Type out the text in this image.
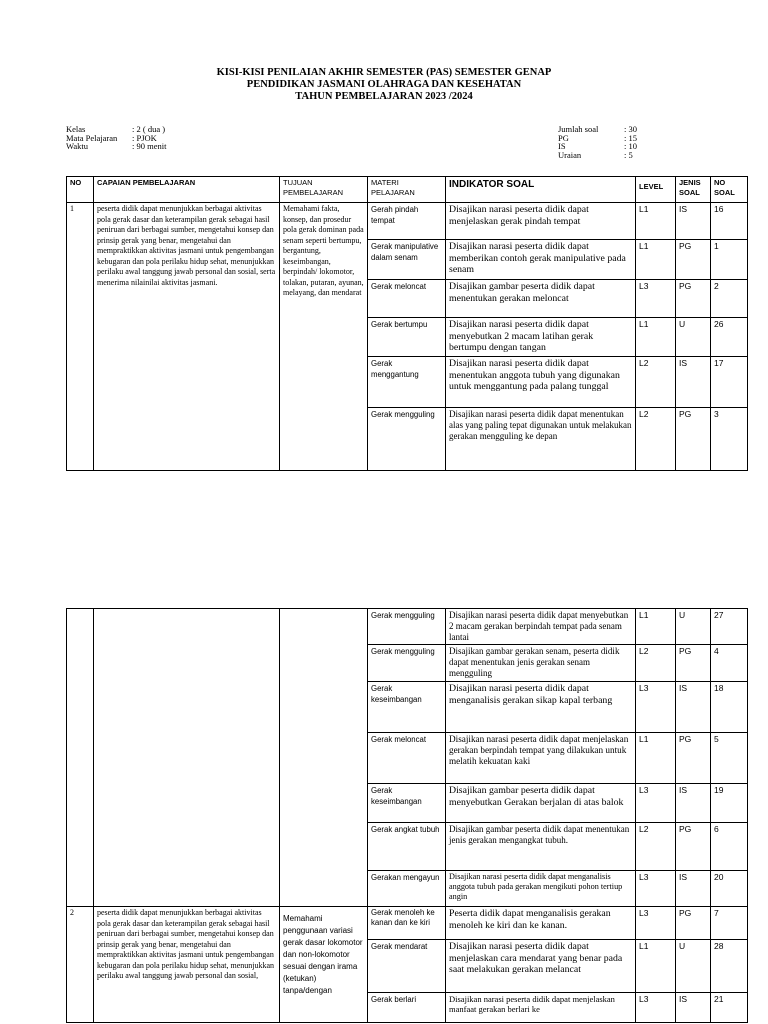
KISI-KISI PENILAIAN AKHIR SEMESTER (PAS) SEMESTER GENAP
PENDIDIKAN JASMANI OLAHRAGA DAN KESEHATAN
TAHUN PEMBELAJARAN 2023 /2024
Kelas	: 2 ( dua )
Mata Pelajaran : PJOK
Waktu	: 90 menit
Jumlah soal	: 30
PG	: 15
IS	: 10
Uraian	: 5
NO	CAPAIAN PEMBELAJARAN	TUJUAN PEMBELAJARAN	MATERI PELAJARAN	INDIKATOR SOAL	LEVEL	JENIS SOAL	NO SOAL
1	peserta didik dapat menunjukkan berbagai aktivitas pola gerak dasar dan keterampilan gerak sebagai hasil peniruan dari berbagai sumber, mengetahui konsep dan prinsip gerak yang benar, mengetahui dan mempraktikkan aktivitas jasmani untuk pengembangan kebugaran dan pola perilaku hidup sehat, menunjukkan perilaku awal tanggung jawab personal dan sosial, serta menerima nilainilai aktivitas jasmani.	Memahami fakta, konsep, dan prosedur pola gerak dominan pada senam seperti bertumpu, bergantung, keseimbangan, berpindah/ lokomotor, tolakan, putaran, ayunan, melayang, dan mendarat	Gerah pindah tempat	Disajikan narasi peserta didik dapat menjelaskan gerak pindah tempat	L1	IS	16
			Gerak manipulative dalam senam	Disajikan narasi peserta didik dapat memberikan contoh gerak manipulative pada senam	L1	PG	1
			Gerak meloncat	Disajikan gambar peserta didik dapat menentukan gerakan meloncat	L3	PG	2
			Gerak bertumpu	Disajikan narasi peserta didik dapat menyebutkan 2 macam latihan gerak bertumpu dengan tangan	L1	U	26
			Gerak menggantung	Disajikan narasi peserta didik dapat menentukan anggota tubuh yang digunakan untuk menggantung pada palang tunggal	L2	IS	17
			Gerak mengguling	Disajikan narasi peserta didik dapat menentukan alas yang paling tepat digunakan untuk melakukan gerakan mengguling ke depan	L2	PG	3
			Gerak mengguling	Disajikan narasi peserta didik dapat menyebutkan 2 macam gerakan berpindah tempat pada senam lantai	L1	U	27
			Gerak mengguling	Disajikan gambar gerakan senam, peserta didik dapat menentukan jenis gerakan senam mengguling	L2	PG	4
			Gerak keseimbangan	Disajikan narasi peserta didik dapat menganalisis gerakan sikap kapal terbang	L3	IS	18
			Gerak meloncat	Disajikan narasi peserta didik dapat menjelaskan gerakan berpindah tempat yang dilakukan untuk melatih kekuatan kaki	L1	PG	5
			Gerak keseimbangan	Disajikan gambar peserta didik dapat menyebutkan Gerakan berjalan di atas balok	L3	IS	19
			Gerak angkat tubuh	Disajikan gambar peserta didik dapat menentukan jenis gerakan mengangkat tubuh.	L2	PG	6
			Gerakan mengayun	Disajikan narasi peserta didik dapat menganalisis anggota tubuh pada gerakan mengikuti pohon tertiup angin	L3	IS	20
2	peserta didik dapat menunjukkan berbagai aktivitas pola gerak dasar dan keterampilan gerak sebagai hasil peniruan dari berbagai sumber, mengetahui konsep dan prinsip gerak yang benar, mengetahui dan mempraktikkan aktivitas jasmani untuk pengembangan kebugaran dan pola perilaku hidup sehat, menunjukkan perilaku awal tanggung jawab personal dan sosial,	Memahami penggunaan variasi gerak dasar lokomotor dan non-lokomotor sesuai dengan irama (ketukan) tanpa/dengan	Gerak menoleh ke kanan dan ke kiri	Peserta didik dapat menganalisis gerakan menoleh ke kiri dan ke kanan.	L3	PG	7
			Gerak mendarat	Disajikan narasi peserta didik dapat menjelaskan cara mendarat yang benar pada saat melakukan gerakan melancat	L1	U	28
			Gerak berlari	Disajikan narasi peserta didik dapat menjelaskan manfaat gerakan berlari ke	L3	IS	21
